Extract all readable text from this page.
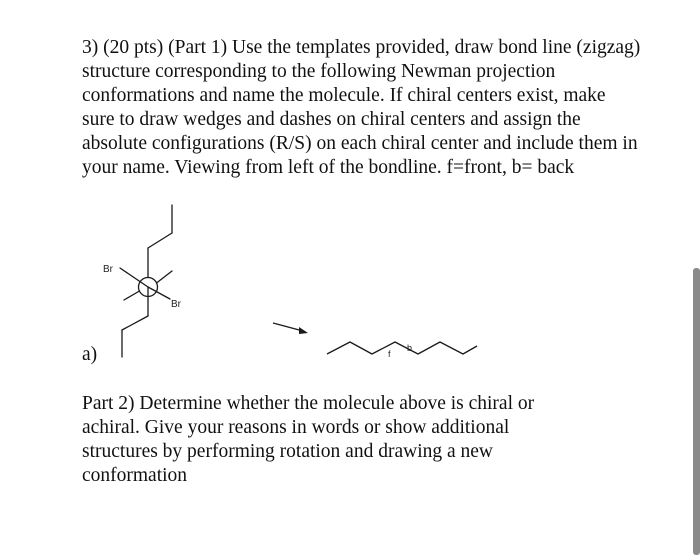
3) (20 pts) (Part 1) Use the templates provided, draw bond line (zigzag) structure corresponding to the following Newman projection conformations and name the molecule. If chiral centers exist, make sure to draw wedges and dashes on chiral centers and assign the absolute configurations (R/S) on each chiral center and include them in your name. Viewing from left of the bondline. f=front, b= back

a)
Br
Br
f
b

Part 2) Determine whether the molecule above is chiral or achiral. Give your reasons in words or show additional structures by performing rotation and drawing a new conformation
